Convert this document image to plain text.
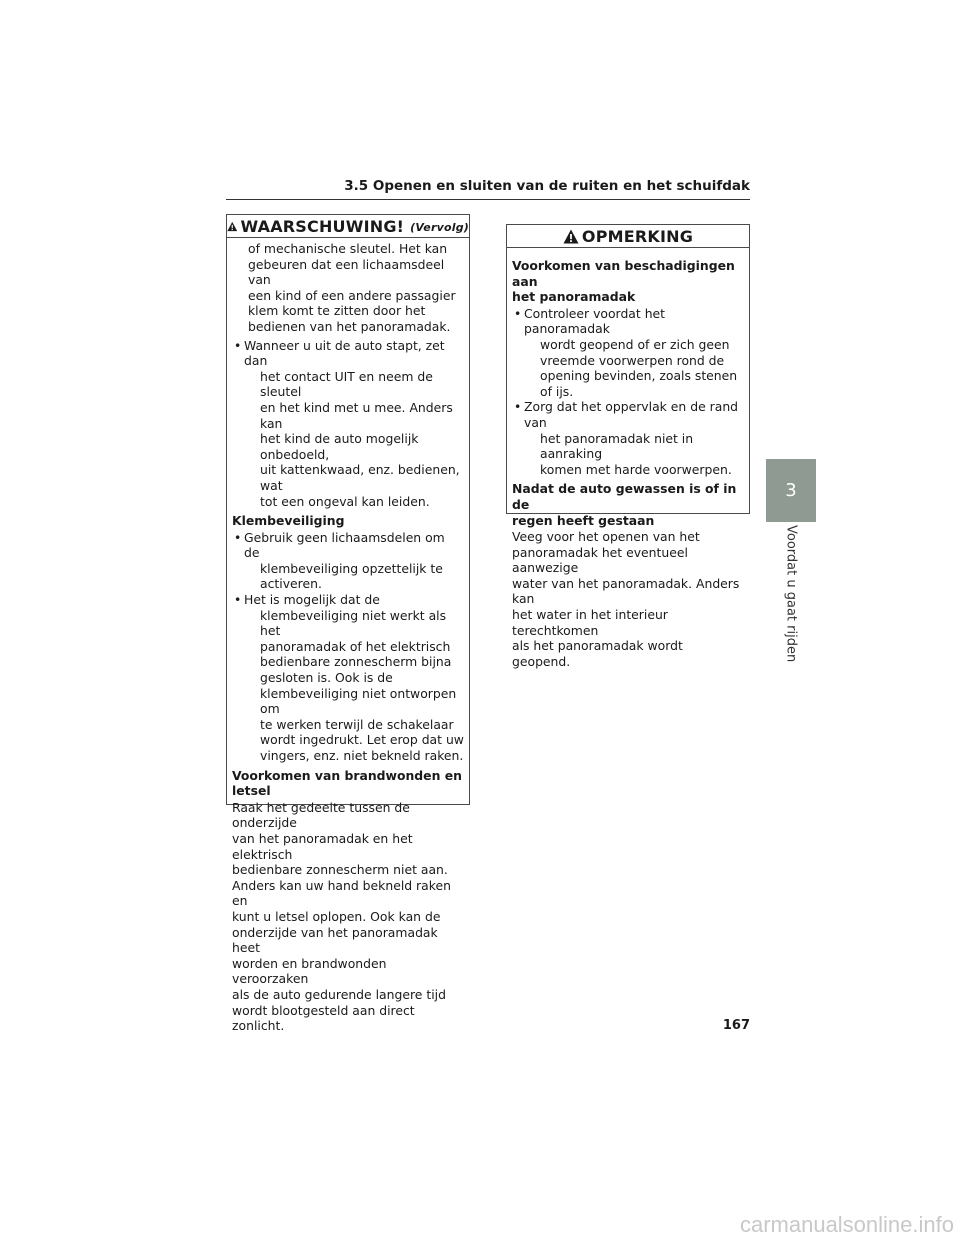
3.5 Openen en sluiten van de ruiten en het schuifdak
WAARSCHUWING! (Vervolg)

of mechanische sleutel. Het kan
gebeuren dat een lichaamsdeel van
een kind of een andere passagier
klem komt te zitten door het
bedienen van het panoramadak.

• Wanneer u uit de auto stapt, zet dan
het contact UIT en neem de sleutel
en het kind met u mee. Anders kan
het kind de auto mogelijk onbedoeld,
uit kattenkwaad, enz. bedienen, wat
tot een ongeval kan leiden.

Klembeveiliging

• Gebruik geen lichaamsdelen om de
klembeveiliging opzettelijk te
activeren.
• Het is mogelijk dat de
klembeveiliging niet werkt als het
panoramadak of het elektrisch
bedienbare zonnescherm bijna
gesloten is. Ook is de
klembeveiliging niet ontworpen om
te werken terwijl de schakelaar
wordt ingedrukt. Let erop dat uw
vingers, enz. niet bekneld raken.

Voorkomen van brandwonden en
letsel

Raak het gedeelte tussen de onderzijde
van het panoramadak en het elektrisch
bedienbare zonnescherm niet aan.
Anders kan uw hand bekneld raken en
kunt u letsel oplopen. Ook kan de
onderzijde van het panoramadak heet
worden en brandwonden veroorzaken
als de auto gedurende langere tijd
wordt blootgesteld aan direct zonlicht.

OPMERKING

Voorkomen van beschadigingen aan
het panoramadak

• Controleer voordat het panoramadak
wordt geopend of er zich geen
vreemde voorwerpen rond de
opening bevinden, zoals stenen of ijs.
• Zorg dat het oppervlak en de rand van
het panoramadak niet in aanraking
komen met harde voorwerpen.

Nadat de auto gewassen is of in de
regen heeft gestaan

Veeg voor het openen van het
panoramadak het eventueel aanwezige
water van het panoramadak. Anders kan
het water in het interieur terechtkomen
als het panoramadak wordt geopend.

3
Voordat u gaat rijden
167
carmanualsonline.info
